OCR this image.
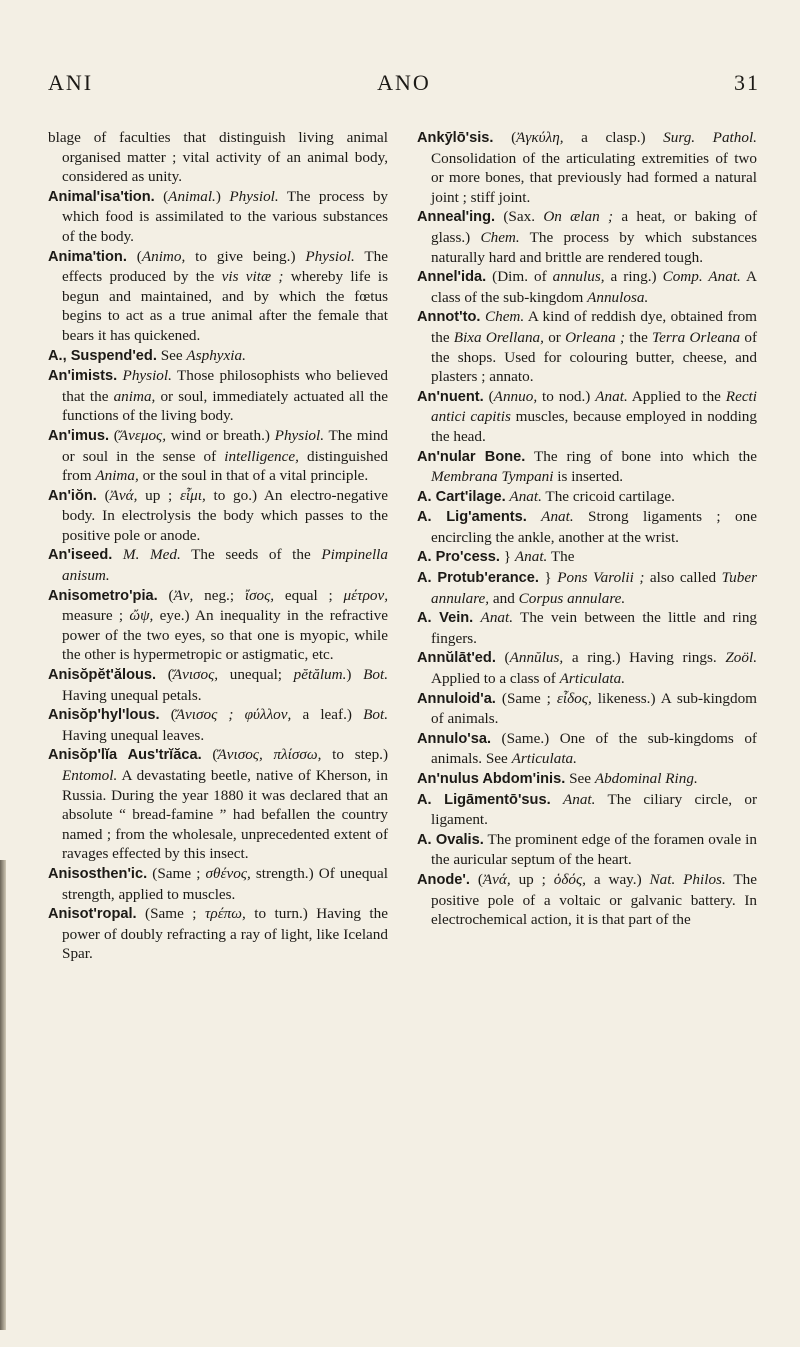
ANI	ANO	31

blage of faculties that distinguish living animal organised matter ; vital activity of an animal body, considered as unity.

Animal'isa'tion. (Animal.) Physiol. The process by which food is assimilated to the various substances of the body.

Anima'tion. (Animo, to give being.) Physiol. The effects produced by the vis vitæ ; whereby life is begun and maintained, and by which the fœtus begins to act as a true animal after the female that bears it has quickened.

A., Suspend'ed. See Asphyxia.

An'imists. Physiol. Those philosophists who believed that the anima, or soul, immediately actuated all the functions of the living body.

An'imus. (Ἄνεμος, wind or breath.) Physiol. The mind or soul in the sense of intelligence, distinguished from Anima, or the soul in that of a vital principle.

An'iŏn. (Ἀνά, up ; εἶμι, to go.) An electro-negative body. In electrolysis the body which passes to the positive pole or anode.

An'iseed. M. Med. The seeds of the Pimpinella anisum.

Anisometro'pia. (Ἀν, neg.; ἴσος, equal ; μέτρον, measure ; ὤψ, eye.) An inequality in the refractive power of the two eyes, so that one is myopic, while the other is hypermetropic or astigmatic, etc.

Anisŏpĕt'ălous. (Ἄνισος, unequal; pĕtălum.) Bot. Having unequal petals.

Anisŏp'hyl'lous. (Ἄνισος ; φύλλον, a leaf.) Bot. Having unequal leaves.

Anisŏp'lĭa Aus'trĭăca. (Ἄνισος, πλίσσω, to step.) Entomol. A devastating beetle, native of Kherson, in Russia. During the year 1880 it was declared that an absolute “ bread-famine ” had befallen the country named ; from the wholesale, unprecedented extent of ravages effected by this insect.

Anisosthen'ic. (Same ; σθένος, strength.) Of unequal strength, applied to muscles.

Anisot'ropal. (Same ; τρέπω, to turn.) Having the power of doubly refracting a ray of light, like Iceland Spar.

Ankȳlō'sis. (Ἀγκύλη, a clasp.) Surg. Pathol. Consolidation of the articulating extremities of two or more bones, that previously had formed a natural joint ; stiff joint.

Anneal'ing. (Sax. On ælan ; a heat, or baking of glass.) Chem. The process by which substances naturally hard and brittle are rendered tough.

Annel'ida. (Dim. of annulus, a ring.) Comp. Anat. A class of the sub-kingdom Annulosa.

Annot'to. Chem. A kind of reddish dye, obtained from the Bixa Orellana, or Orleana ; the Terra Orleana of the shops. Used for colouring butter, cheese, and plasters ; annato.

An'nuent. (Annuo, to nod.) Anat. Applied to the Recti antici capitis muscles, because employed in nodding the head.

An'nular Bone. The ring of bone into which the Membrana Tympani is inserted.

A. Cart'ilage. Anat. The cricoid cartilage.

A. Lig'aments. Anat. Strong ligaments ; one encircling the ankle, another at the wrist.

A. Pro'cess. } Anat. The

A. Protub'erance. } Pons Varolii ; also called Tuber annulare, and Corpus annulare.

A. Vein. Anat. The vein between the little and ring fingers.

Annŭlāt'ed. (Annŭlus, a ring.) Having rings. Zoöl. Applied to a class of Articulata.

Annuloid'a. (Same ; εἶδος, likeness.) A sub-kingdom of animals.

Annulo'sa. (Same.) One of the sub-kingdoms of animals. See Articulata.

An'nulus Abdom'inis. See Abdominal Ring.

A. Ligāmentō'sus. Anat. The ciliary circle, or ligament.

A. Ovalis. The prominent edge of the foramen ovale in the auricular septum of the heart.

Anode'. (Ἀνά, up ; ὁδός, a way.) Nat. Philos. The positive pole of a voltaic or galvanic battery. In electrochemical action, it is that part of the
